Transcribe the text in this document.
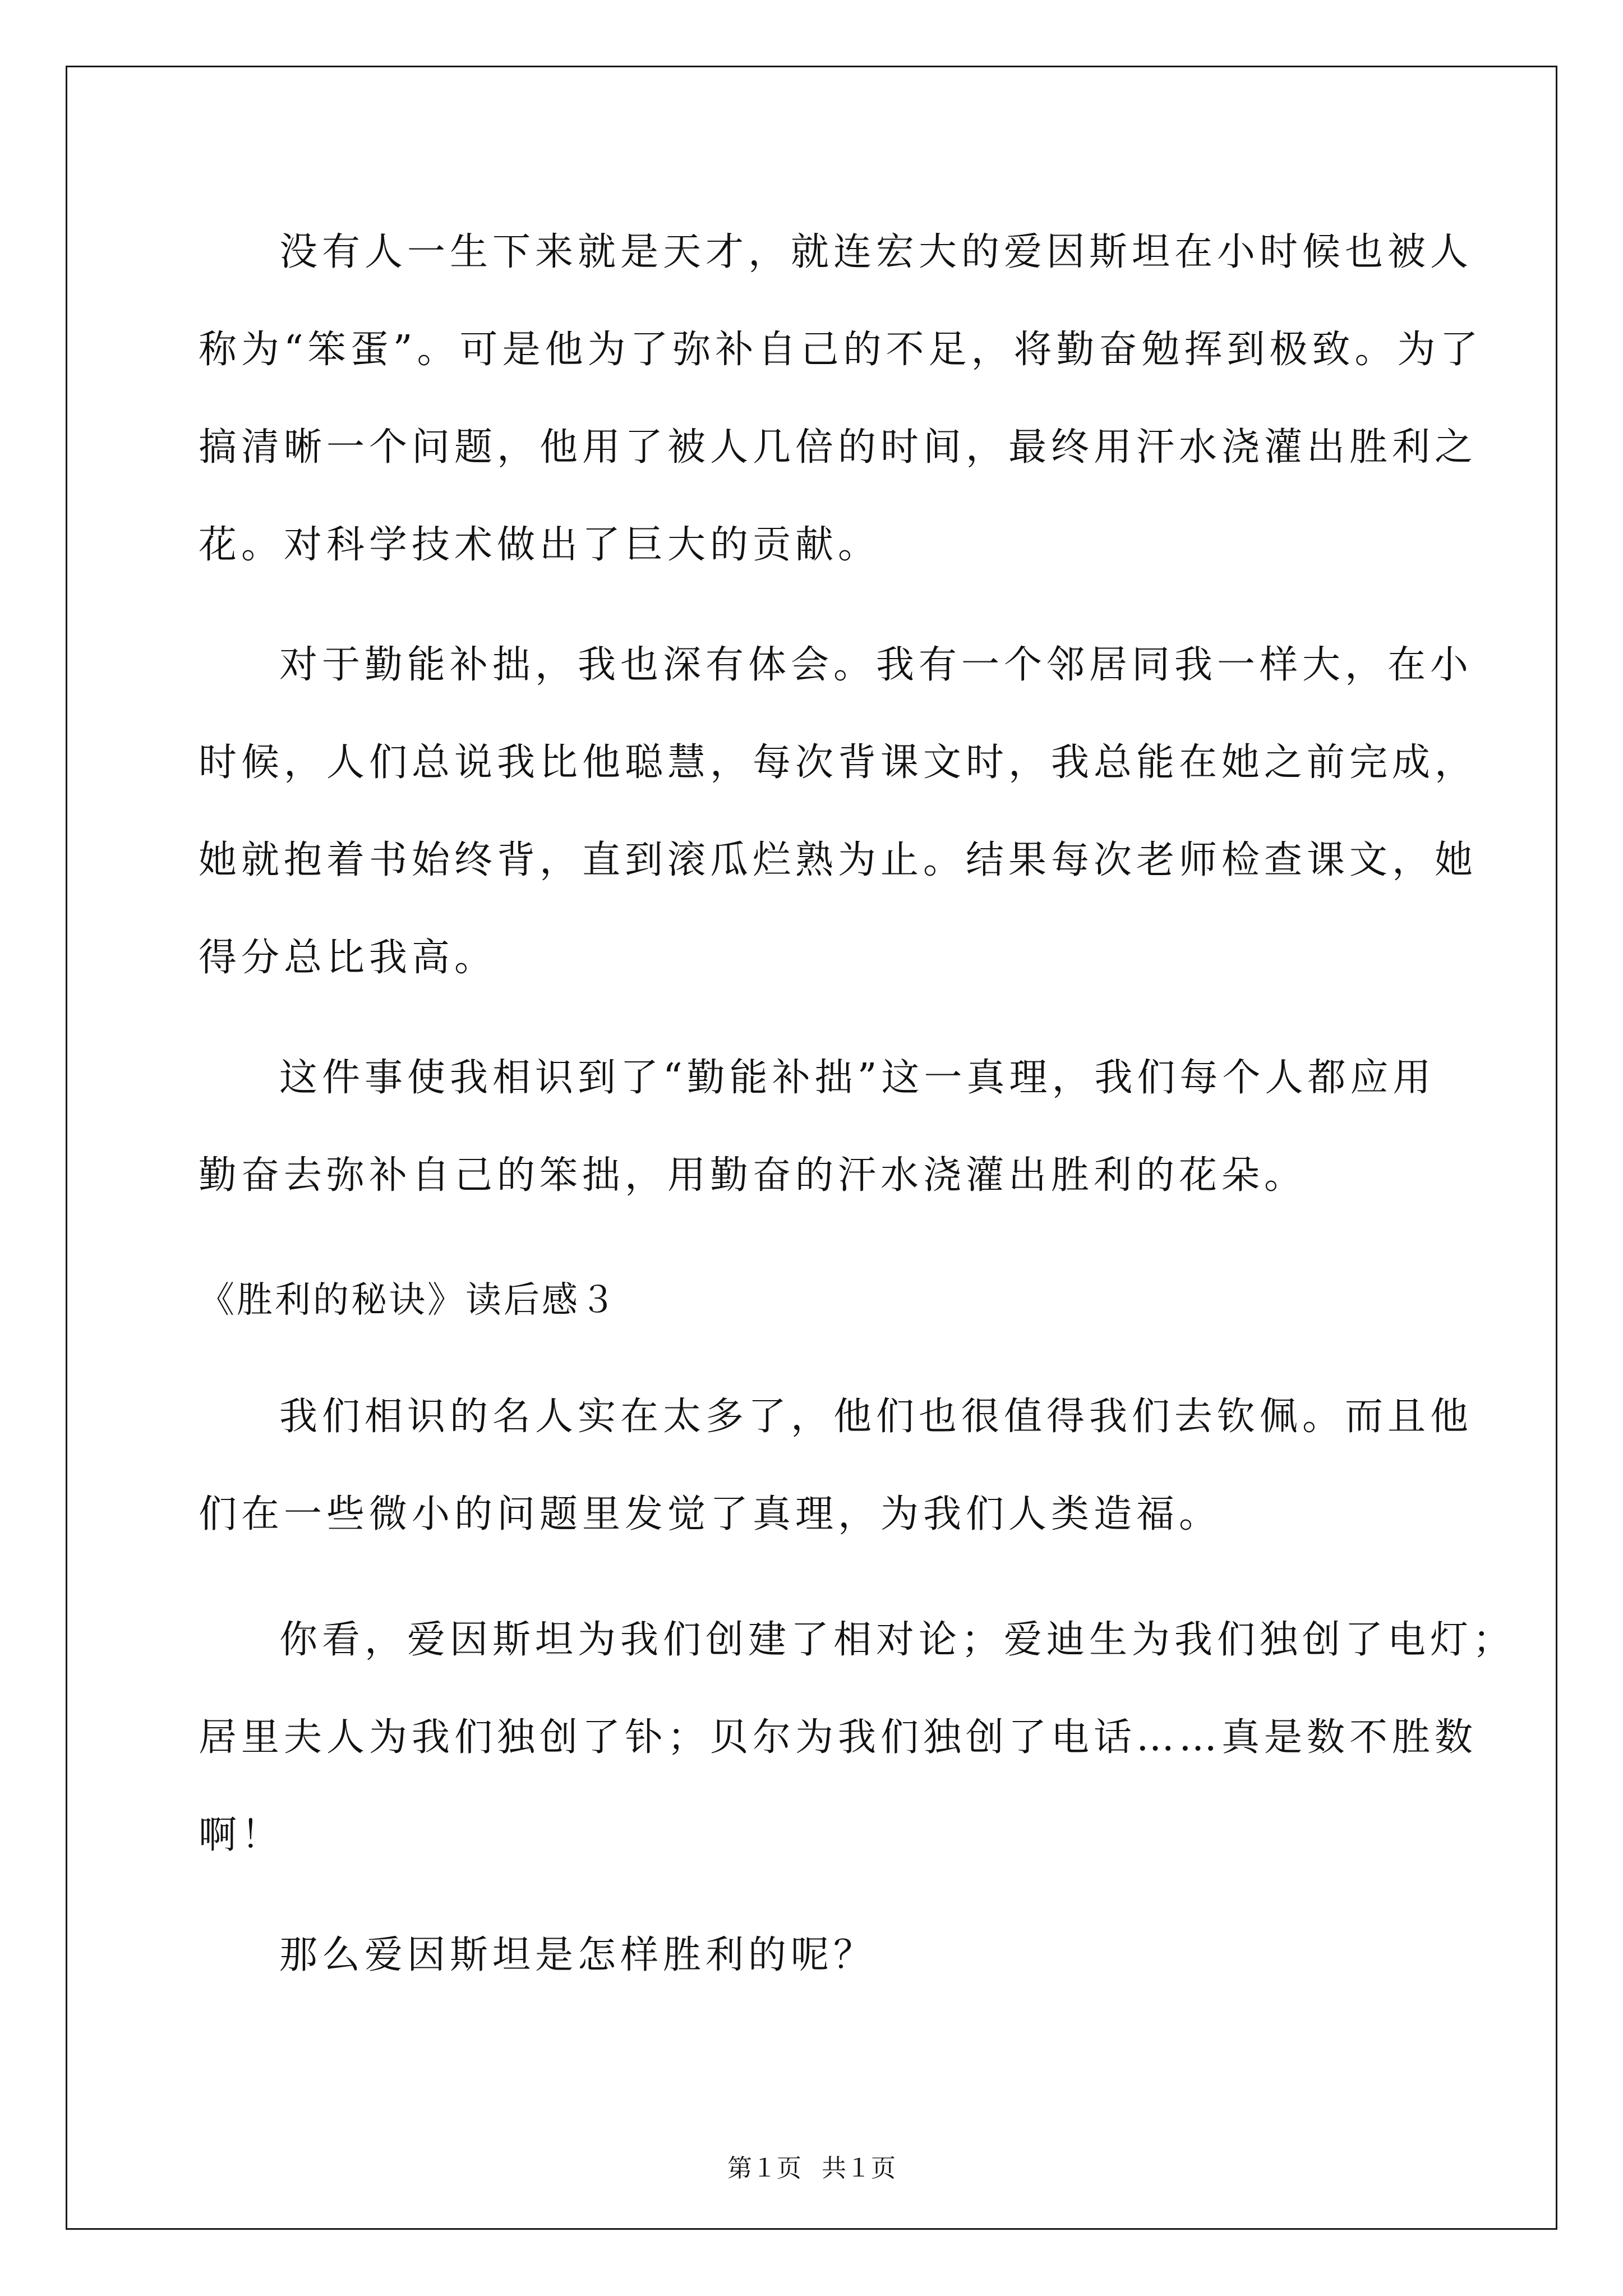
没有人一生下来就是天才，就连宏大的爱因斯坦在小时候也被人
称为“笨蛋”。可是他为了弥补自己的不足，将勤奋勉挥到极致。为了
搞清晰一个问题，他用了被人几倍的时间，最终用汗水浇灌出胜利之
花。对科学技术做出了巨大的贡献。
对于勤能补拙，我也深有体会。我有一个邻居同我一样大，在小
时候，人们总说我比他聪慧，每次背课文时，我总能在她之前完成，
她就抱着书始终背，直到滚瓜烂熟为止。结果每次老师检查课文，她
得分总比我高。
这件事使我相识到了“勤能补拙”这一真理，我们每个人都应用
勤奋去弥补自己的笨拙，用勤奋的汗水浇灌出胜利的花朵。
《胜利的秘诀》读后感３
我们相识的名人实在太多了，他们也很值得我们去钦佩。而且他
们在一些微小的问题里发觉了真理，为我们人类造福。
你看，爱因斯坦为我们创建了相对论；爱迪生为我们独创了电灯；
居里夫人为我们独创了钋；贝尔为我们独创了电话……真是数不胜数
啊！
那么爱因斯坦是怎样胜利的呢？
第１页 共１页
